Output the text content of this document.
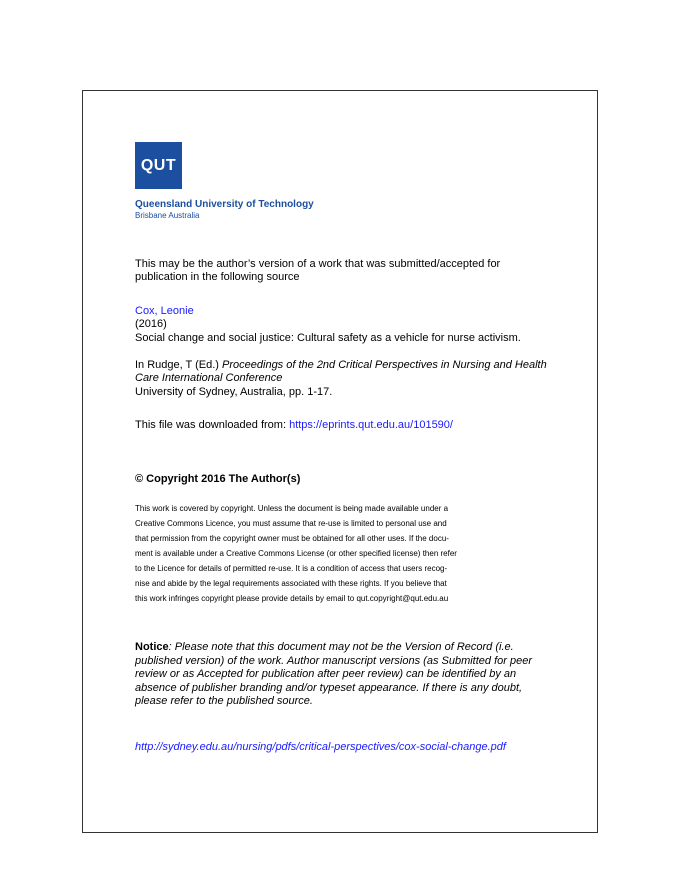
QUT
Queensland University of Technology
Brisbane Australia
This may be the author’s version of a work that was submitted/accepted for publication in the following source
Cox, Leonie
(2016)
Social change and social justice: Cultural safety as a vehicle for nurse activism.
In Rudge, T (Ed.) Proceedings of the 2nd Critical Perspectives in Nursing and Health Care International Conference
University of Sydney, Australia, pp. 1-17.
This file was downloaded from: https://eprints.qut.edu.au/101590/
© Copyright 2016 The Author(s)
This work is covered by copyright. Unless the document is being made available under a
Creative Commons Licence, you must assume that re-use is limited to personal use and
that permission from the copyright owner must be obtained for all other uses. If the docu-
ment is available under a Creative Commons License (or other specified license) then refer
to the Licence for details of permitted re-use. It is a condition of access that users recog-
nise and abide by the legal requirements associated with these rights. If you believe that
this work infringes copyright please provide details by email to qut.copyright@qut.edu.au
Notice: Please note that this document may not be the Version of Record (i.e. published version) of the work. Author manuscript versions (as Submitted for peer review or as Accepted for publication after peer review) can be identified by an absence of publisher branding and/or typeset appearance. If there is any doubt, please refer to the published source.
http://sydney.edu.au/nursing/pdfs/critical-perspectives/cox-social-change.pdf
